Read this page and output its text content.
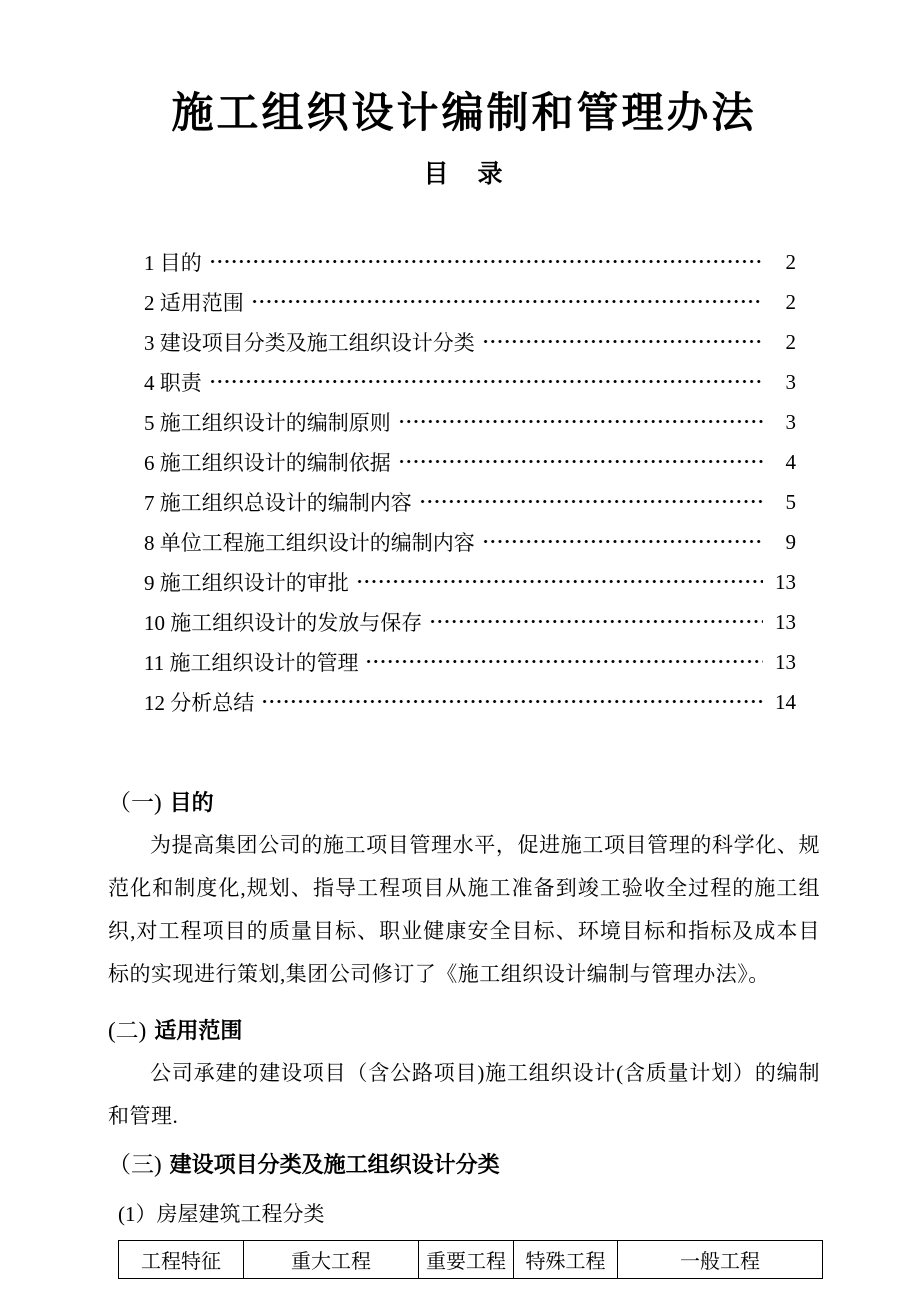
施工组织设计编制和管理办法
目　录
1 目的	2
2 适用范围	2
3 建设项目分类及施工组织设计分类	2
4 职责	3
5 施工组织设计的编制原则	3
6 施工组织设计的编制依据	4
7 施工组织总设计的编制内容	5
8 单位工程施工组织设计的编制内容	9
9 施工组织设计的审批	13
10 施工组织设计的发放与保存	13
11 施工组织设计的管理	13
12 分析总结	14
（一) 目的

为提高集团公司的施工项目管理水平，促进施工项目管理的科学化、规范化和制度化,规划、指导工程项目从施工准备到竣工验收全过程的施工组织,对工程项目的质量目标、职业健康安全目标、环境目标和指标及成本目标的实现进行策划,集团公司修订了《施工组织设计编制与管理办法》。

(二) 适用范围

公司承建的建设项目（含公路项目)施工组织设计(含质量计划）的编制和管理.

（三) 建设项目分类及施工组织设计分类
(1）房屋建筑工程分类
工程特征	重大工程	重要工程	特殊工程	一般工程
